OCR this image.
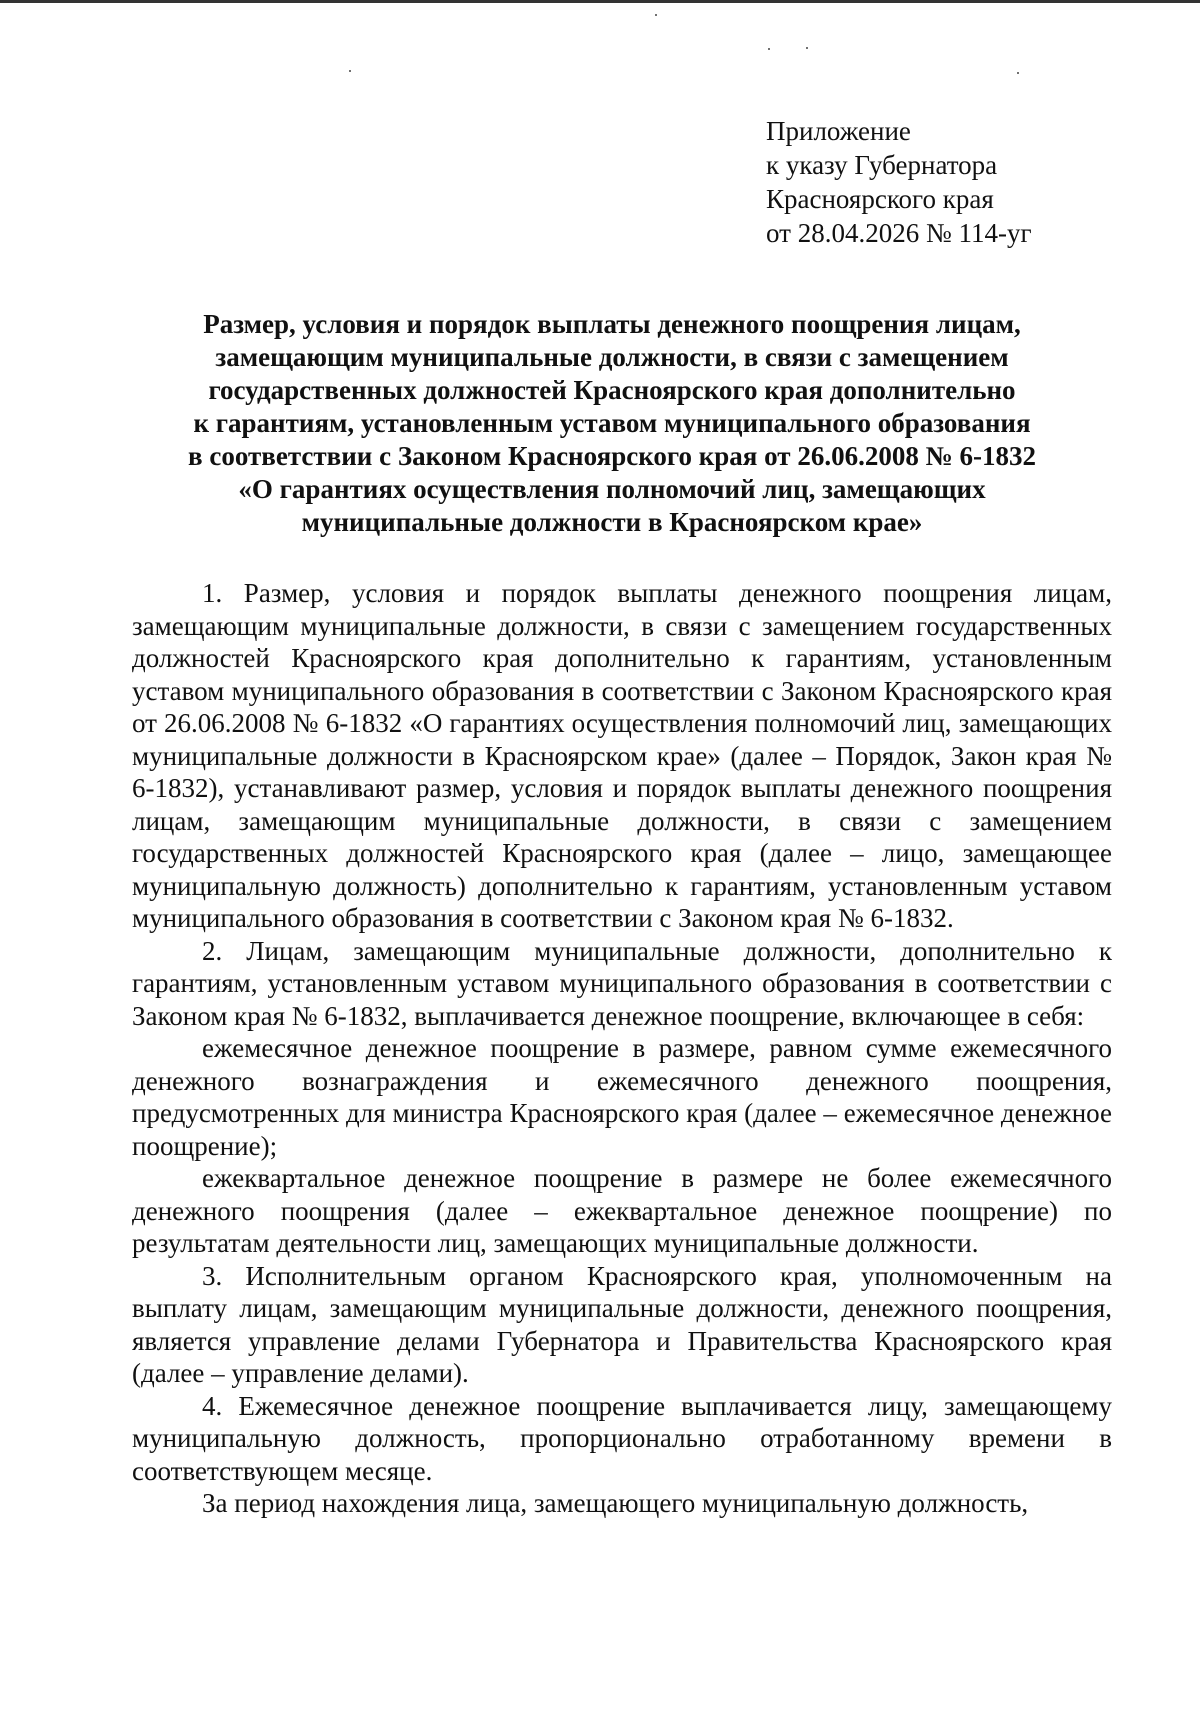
Приложение
к указу Губернатора
Красноярского края
от 28.04.2026 № 114-уг
Размер, условия и порядок выплаты денежного поощрения лицам,
замещающим муниципальные должности, в связи с замещением
государственных должностей Красноярского края дополнительно
к гарантиям, установленным уставом муниципального образования
в соответствии с Законом Красноярского края от 26.06.2008 № 6-1832
«О гарантиях осуществления полномочий лиц, замещающих
муниципальные должности в Красноярском крае»

1. Размер, условия и порядок выплаты денежного поощрения лицам, замещающим муниципальные должности, в связи с замещением государственных должностей Красноярского края дополнительно к гарантиям, установленным уставом муниципального образования в соответствии с Законом Красноярского края от 26.06.2008 № 6-1832 «О гарантиях осуществления полномочий лиц, замещающих муниципальные должности в Красноярском крае» (далее – Порядок, Закон края № 6-1832), устанавливают размер, условия и порядок выплаты денежного поощрения лицам, замещающим муниципальные должности, в связи с замещением государственных должностей Красноярского края (далее – лицо, замещающее муниципальную должность) дополнительно к гарантиям, установленным уставом муниципального образования в соответствии с Законом края № 6-1832.

2. Лицам, замещающим муниципальные должности, дополнительно к гарантиям, установленным уставом муниципального образования в соответствии с Законом края № 6-1832, выплачивается денежное поощрение, включающее в себя:

ежемесячное денежное поощрение в размере, равном сумме ежемесячного денежного вознаграждения и ежемесячного денежного поощрения, предусмотренных для министра Красноярского края (далее – ежемесячное денежное поощрение);

ежеквартальное денежное поощрение в размере не более ежемесячного денежного поощрения (далее – ежеквартальное денежное поощрение) по результатам деятельности лиц, замещающих муниципальные должности.

3. Исполнительным органом Красноярского края, уполномоченным на выплату лицам, замещающим муниципальные должности, денежного поощрения, является управление делами Губернатора и Правительства Красноярского края (далее – управление делами).

4. Ежемесячное денежное поощрение выплачивается лицу, замещающему муниципальную должность, пропорционально отработанному времени в соответствующем месяце.

За период нахождения лица, замещающего муниципальную должность,
